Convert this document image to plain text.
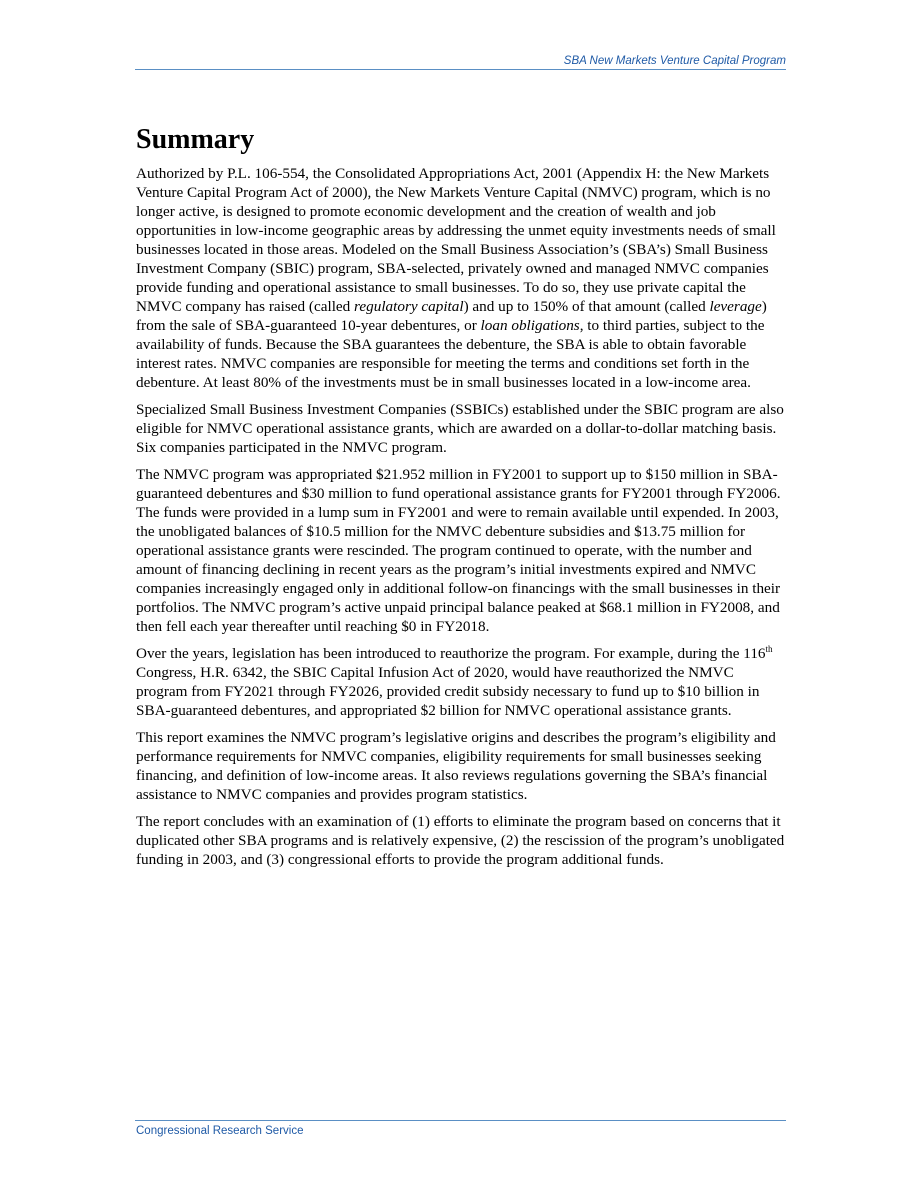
SBA New Markets Venture Capital Program
Summary

Authorized by P.L. 106-554, the Consolidated Appropriations Act, 2001 (Appendix H: the New Markets Venture Capital Program Act of 2000), the New Markets Venture Capital (NMVC) program, which is no longer active, is designed to promote economic development and the creation of wealth and job opportunities in low-income geographic areas by addressing the unmet equity investments needs of small businesses located in those areas. Modeled on the Small Business Association’s (SBA’s) Small Business Investment Company (SBIC) program, SBA-selected, privately owned and managed NMVC companies provide funding and operational assistance to small businesses. To do so, they use private capital the NMVC company has raised (called regulatory capital) and up to 150% of that amount (called leverage) from the sale of SBA-guaranteed 10-year debentures, or loan obligations, to third parties, subject to the availability of funds. Because the SBA guarantees the debenture, the SBA is able to obtain favorable interest rates. NMVC companies are responsible for meeting the terms and conditions set forth in the debenture. At least 80% of the investments must be in small businesses located in a low-income area.

Specialized Small Business Investment Companies (SSBICs) established under the SBIC program are also eligible for NMVC operational assistance grants, which are awarded on a dollar-to-dollar matching basis. Six companies participated in the NMVC program.

The NMVC program was appropriated $21.952 million in FY2001 to support up to $150 million in SBA-guaranteed debentures and $30 million to fund operational assistance grants for FY2001 through FY2006. The funds were provided in a lump sum in FY2001 and were to remain available until expended. In 2003, the unobligated balances of $10.5 million for the NMVC debenture subsidies and $13.75 million for operational assistance grants were rescinded. The program continued to operate, with the number and amount of financing declining in recent years as the program’s initial investments expired and NMVC companies increasingly engaged only in additional follow-on financings with the small businesses in their portfolios. The NMVC program’s active unpaid principal balance peaked at $68.1 million in FY2008, and then fell each year thereafter until reaching $0 in FY2018.

Over the years, legislation has been introduced to reauthorize the program. For example, during the 116th Congress, H.R. 6342, the SBIC Capital Infusion Act of 2020, would have reauthorized the NMVC program from FY2021 through FY2026, provided credit subsidy necessary to fund up to $10 billion in SBA-guaranteed debentures, and appropriated $2 billion for NMVC operational assistance grants.

This report examines the NMVC program’s legislative origins and describes the program’s eligibility and performance requirements for NMVC companies, eligibility requirements for small businesses seeking financing, and definition of low-income areas. It also reviews regulations governing the SBA’s financial assistance to NMVC companies and provides program statistics.

The report concludes with an examination of (1) efforts to eliminate the program based on concerns that it duplicated other SBA programs and is relatively expensive, (2) the rescission of the program’s unobligated funding in 2003, and (3) congressional efforts to provide the program additional funds.

Congressional Research Service
